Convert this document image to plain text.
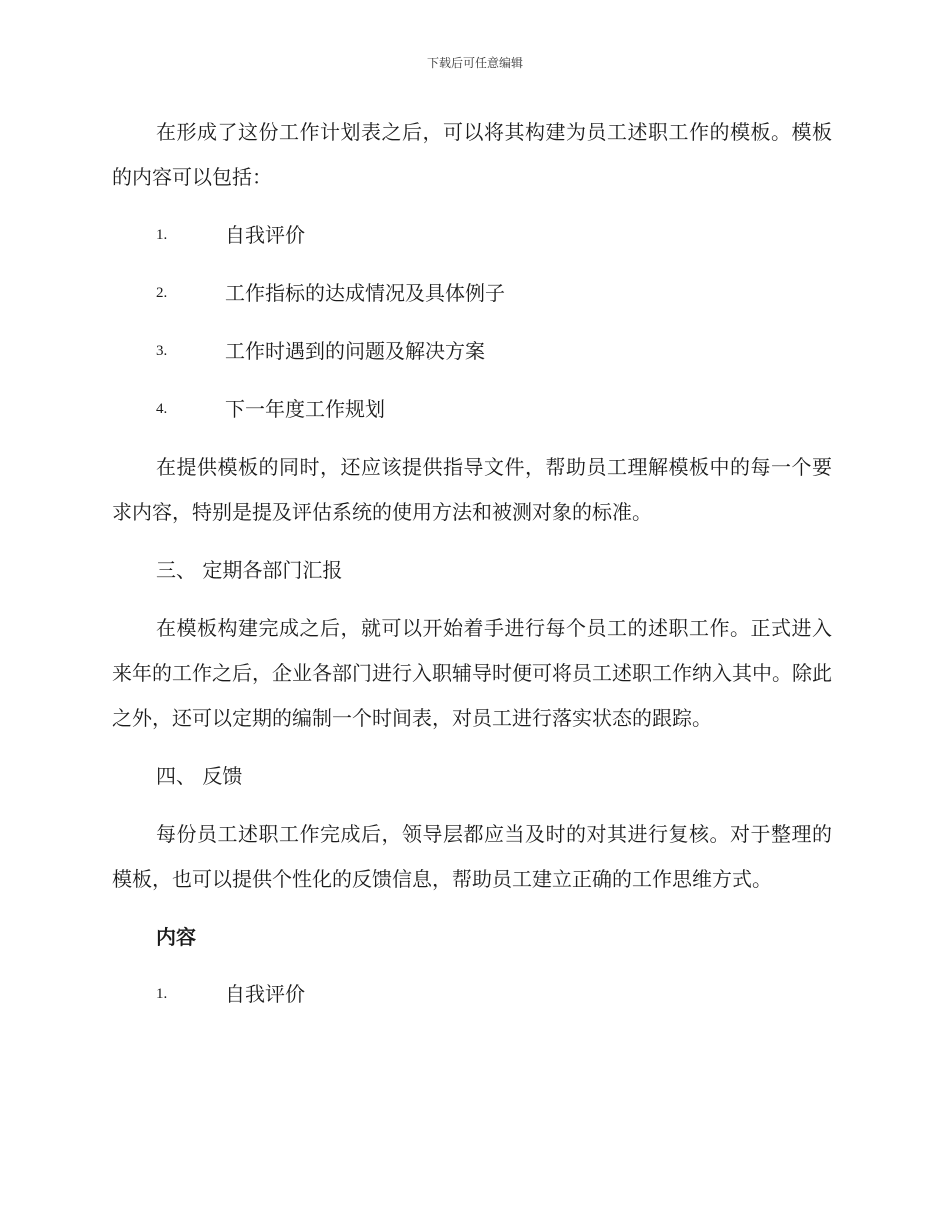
下载后可任意编辑

在形成了这份工作计划表之后，可以将其构建为员工述职工作的模板。模板的内容可以包括：

1.	自我评价
2.	工作指标的达成情况及具体例子
3.	工作时遇到的问题及解决方案
4.	下一年度工作规划

在提供模板的同时，还应该提供指导文件，帮助员工理解模板中的每一个要求内容，特别是提及评估系统的使用方法和被测对象的标准。

三、 定期各部门汇报

在模板构建完成之后，就可以开始着手进行每个员工的述职工作。正式进入来年的工作之后，企业各部门进行入职辅导时便可将员工述职工作纳入其中。除此之外，还可以定期的编制一个时间表，对员工进行落实状态的跟踪。

四、 反馈

每份员工述职工作完成后，领导层都应当及时的对其进行复核。对于整理的模板，也可以提供个性化的反馈信息，帮助员工建立正确的工作思维方式。

内容
1.	自我评价
